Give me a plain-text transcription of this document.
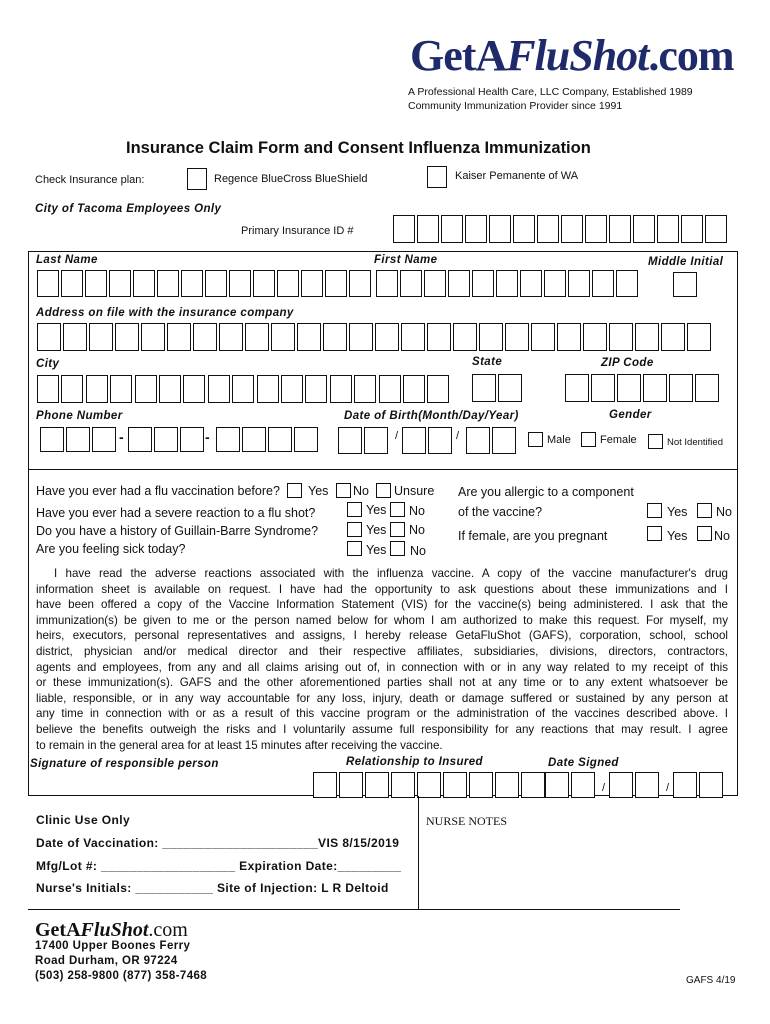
GetAFluShot.com
A Professional Health Care, LLC Company, Established 1989
Community Immunization Provider since 1991
Insurance Claim Form and Consent Influenza Immunization
Check Insurance plan:	Regence BlueCross BlueShield	Kaiser Pemanente of WA
City of Tacoma Employees Only
Primary Insurance ID #
Last Name	First Name	Middle Initial
Address on file with the insurance company
City	State	ZIP Code
Phone Number	Date of Birth(Month/Day/Year)	Gender
-	-	/	/	Male	Female	Not Identified
Have you ever had a flu vaccination before? Yes No Unsure
Have you ever had a severe reaction to a flu shot?	Yes No
Do you have a history of Guillain-Barre Syndrome?	Yes No
Are you feeling sick today?	Yes No
Are you allergic to a component
of the vaccine?	Yes No
If female, are you pregnant	Yes No
I have read the adverse reactions associated with the influenza vaccine. A copy of the vaccine manufacturer's drug
information sheet is available on request. I have had the opportunity to ask questions about these immunizations and I
have been offered a copy of the Vaccine Information Statement (VIS) for the vaccine(s) being administered. I ask that the
immunization(s) be given to me or the person named below for whom I am authorized to make this request. For myself, my
heirs, executors, personal representatives and assigns, I hereby release GetaFluShot (GAFS), corporation, school, school
district, physician and/or medical director and their respective affiliates, subsidiaries, divisions, directors, contractors,
agents and employees, from any and all claims arising out of, in connection with or in any way related to my receipt of this
or these immunization(s). GAFS and the other aforementioned parties shall not at any time or to any extent whatsoever be
liable, responsible, or in any way accountable for any loss, injury, death or damage suffered or sustained by any person at
any time in connection with or as a result of this vaccine program or the administration of the vaccines described above. I
believe the benefits outweigh the risks and I voluntarily assume full responsibility for any reactions that may result. I agree
to remain in the general area for at least 15 minutes after receiving the vaccine.
Signature of responsible person	Relationship to Insured	Date Signed
/	/
Clinic Use Only
Date of Vaccination: ______________________VIS 8/15/2019
Mfg/Lot #: ___________________ Expiration Date:_________
Nurse's Initials: ___________ Site of Injection: L R Deltoid
NURSE NOTES
GetAFluShot.com
17400 Upper Boones Ferry
Road Durham, OR 97224
(503) 258-9800 (877) 358-7468	GAFS 4/19
